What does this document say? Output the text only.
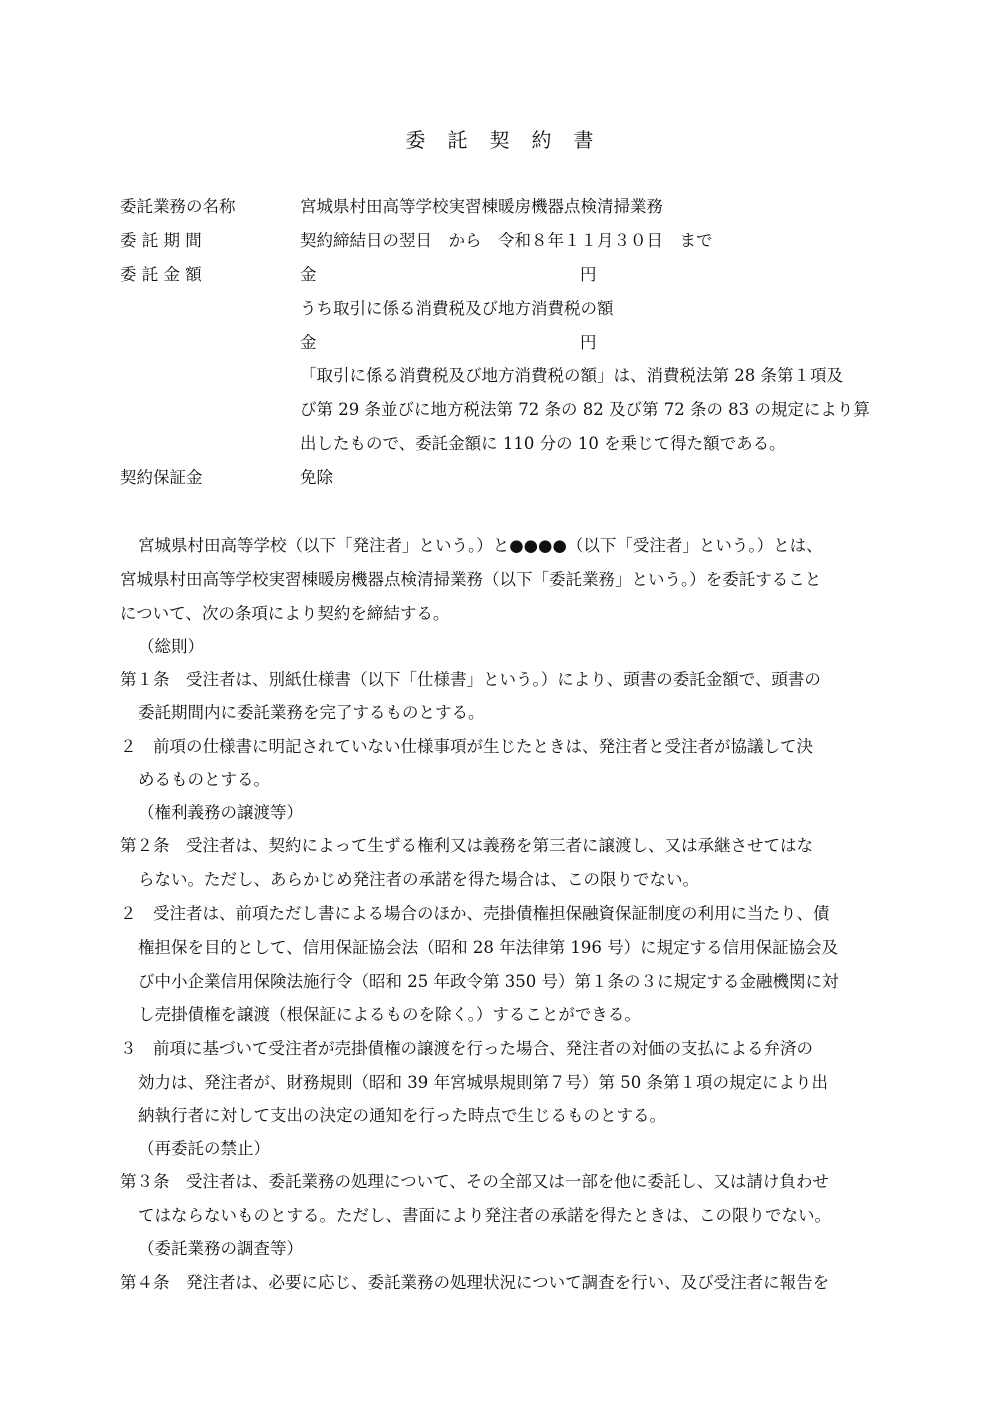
委　託　契　約　書
委託業務の名称	宮城県村田高等学校実習棟暖房機器点検清掃業務
委 託 期 間	契約締結日の翌日　から　令和８年１１月３０日　まで
委 託 金 額	金	円
うち取引に係る消費税及び地方消費税の額
金	円
「取引に係る消費税及び地方消費税の額」は、消費税法第 28 条第１項及
び第 29 条並びに地方税法第 72 条の 82 及び第 72 条の 83 の規定により算
出したもので、委託金額に 110 分の 10 を乗じて得た額である。
契約保証金	免除
宮城県村田高等学校（以下「発注者」という。）と●●●●（以下「受注者」という。）とは、
宮城県村田高等学校実習棟暖房機器点検清掃業務（以下「委託業務」という。）を委託すること
について、次の条項により契約を締結する。
（総則）
第１条　受注者は、別紙仕様書（以下「仕様書」という。）により、頭書の委託金額で、頭書の
委託期間内に委託業務を完了するものとする。
２　前項の仕様書に明記されていない仕様事項が生じたときは、発注者と受注者が協議して決
めるものとする。
（権利義務の譲渡等）
第２条　受注者は、契約によって生ずる権利又は義務を第三者に譲渡し、又は承継させてはな
らない。ただし、あらかじめ発注者の承諾を得た場合は、この限りでない。
２　受注者は、前項ただし書による場合のほか、売掛債権担保融資保証制度の利用に当たり、債
権担保を目的として、信用保証協会法（昭和 28 年法律第 196 号）に規定する信用保証協会及
び中小企業信用保険法施行令（昭和 25 年政令第 350 号）第１条の３に規定する金融機関に対
し売掛債権を譲渡（根保証によるものを除く。）することができる。
３　前項に基づいて受注者が売掛債権の譲渡を行った場合、発注者の対価の支払による弁済の
効力は、発注者が、財務規則（昭和 39 年宮城県規則第７号）第 50 条第１項の規定により出
納執行者に対して支出の決定の通知を行った時点で生じるものとする。
（再委託の禁止）
第３条　受注者は、委託業務の処理について、その全部又は一部を他に委託し、又は請け負わせ
てはならないものとする。ただし、書面により発注者の承諾を得たときは、この限りでない。
（委託業務の調査等）
第４条　発注者は、必要に応じ、委託業務の処理状況について調査を行い、及び受注者に報告を
